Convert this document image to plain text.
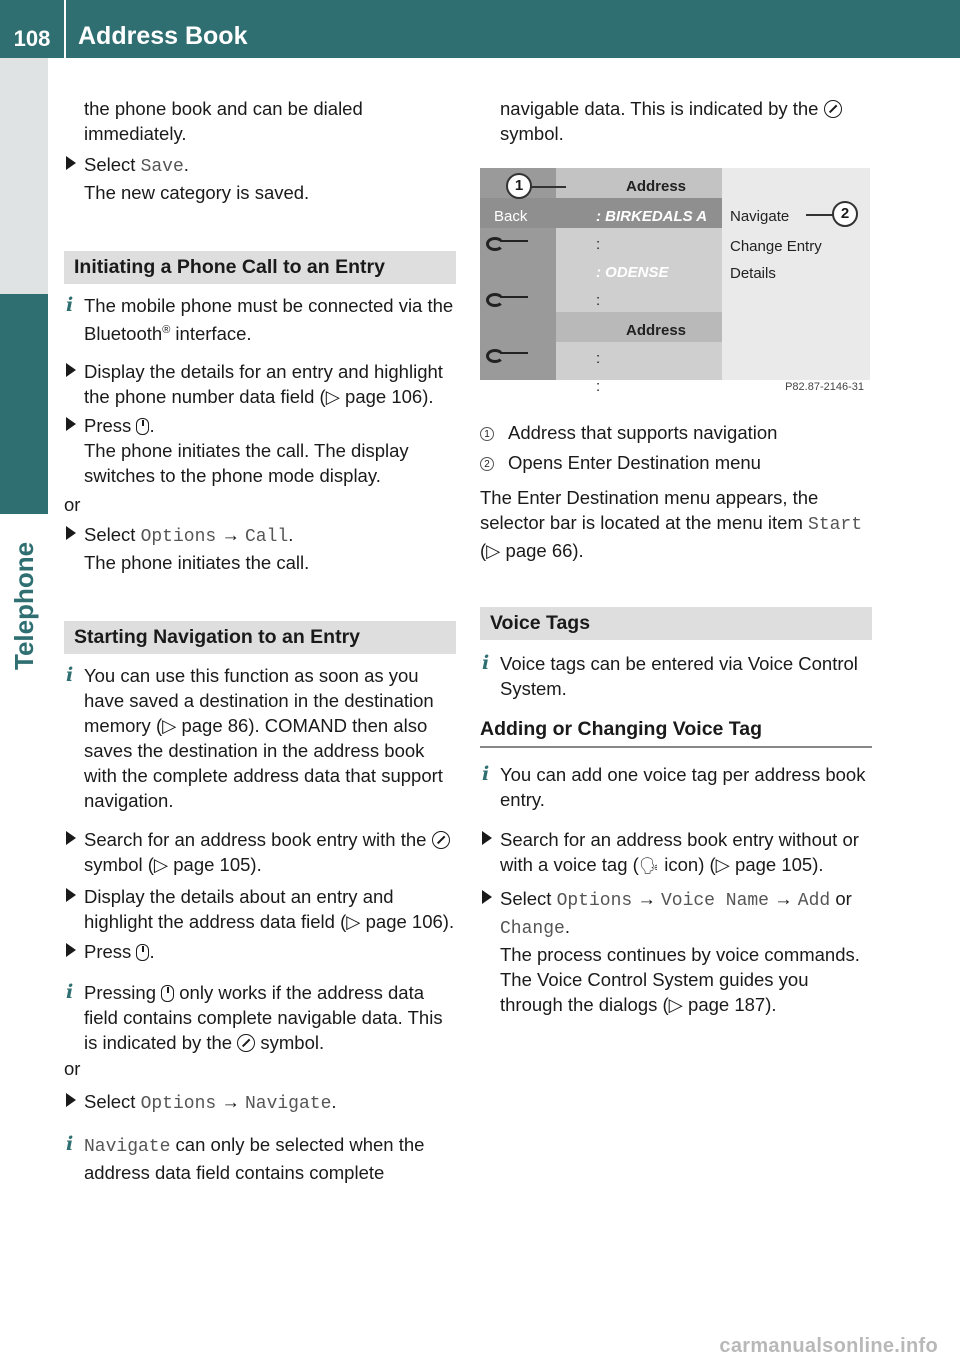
108	Address Book
Telephone

the phone book and can be dialed

immediately.

Select Save.

The new category is saved.

Initiating a Phone Call to an Entry
i The mobile phone must be connected via the Bluetooth® interface.
Display the details for an entry and highlight the phone number data field (▷ page 106).
Press .

The phone initiates the call. The display switches to the phone mode display.

or

Select Options → Call.

The phone initiates the call.

Starting Navigation to an Entry
i You can use this function as soon as you have saved a destination in the destination memory (▷ page 86). COMAND then also saves the destination in the address book with the complete address data that support navigation.
Search for an address book entry with the  symbol (▷ page 105).
Display the details about an entry and highlight the address data field (▷ page 106).
Press .
i Pressing  only works if the address data field contains complete navigable data. This is indicated by the  symbol.

or

Select Options → Navigate.
i Navigate can only be selected when the address data field contains complete

navigable data. This is indicated by the

symbol.

Address
Back	: BIRKEDALS A
:
: ODENSE
:
Address
:
:
Navigate
Change Entry
Details
1
2
P82.87-2146-31

1 Address that supports navigation

2 Opens Enter Destination menu

The Enter Destination menu appears, the selector bar is located at the menu item Start (▷ page 66).

Voice Tags
i Voice tags can be entered via Voice Control System.
Adding or Changing Voice Tag
i You can add one voice tag per address book entry.
Search for an address book entry without or with a voice tag (🗣 icon) (▷ page 105).
Select Options → Voice Name → Add or Change.

The process continues by voice commands. The Voice Control System guides you through the dialogs (▷ page 187).

carmanualsonline.info
